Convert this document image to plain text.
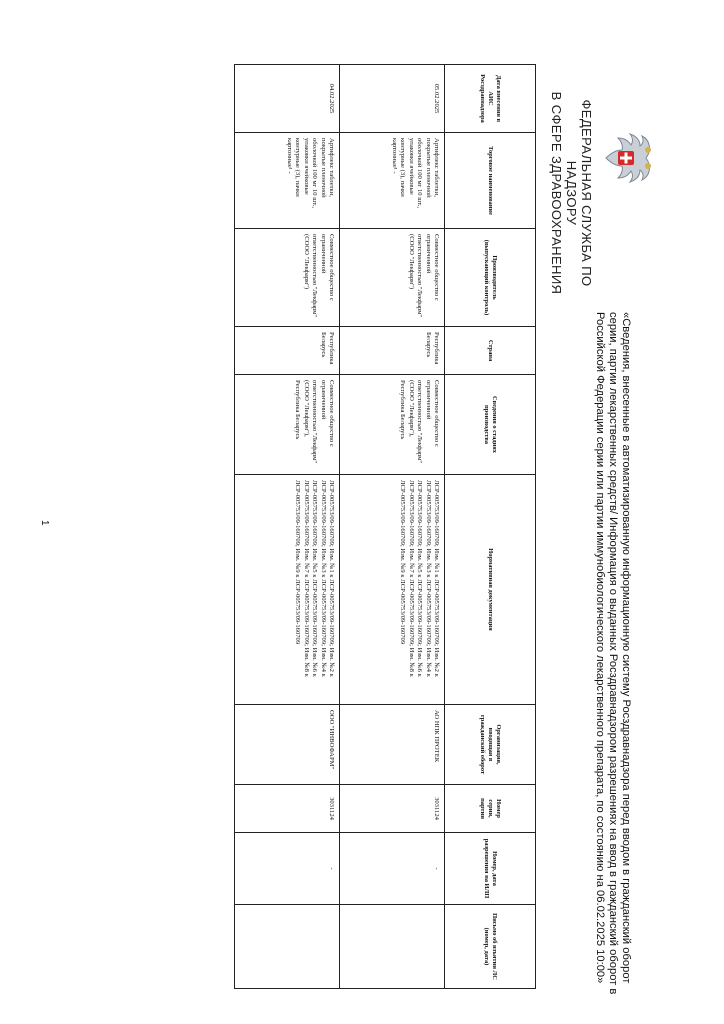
ФЕДЕРАЛЬНАЯ СЛУЖБА ПО НАДЗОРУ
В СФЕРЕ ЗДРАВООХРАНЕНИЯ
«Сведения, внесенные в автоматизированную информационную систему Росздравнадзора перед вводом в гражданский оборот серии, партии лекарственных средств/ Информация о выданных Росздравнадзором разрешениях на ввод в гражданский оборот в Российской Федерации серии или партии иммунобиологического лекарственного препарата, по состоянию на 06.02.2025 10:00»
Дата внесения в АИС Росздравнадзора	Торговое наименование	Производитель (выпускающий контроль)	Страна	Сведения о стадиях производства	Нормативная документация	Организация, вводящая в гражданский оборот	Номер серии, партии	Номер, дата разрешения на ИЛП	Письмо об изъятии ЛС (номер, дата)
05.02.2025	Артифлекс таблетки, покрытые пленочной оболочкой 100 мг 10 шт., упаковки ячейковые контурные (3), пачки картонные¹ -	Совместное общество с ограниченной ответственностью "Лекфарм" (СООО "Лекфарм")	Республика Беларусь	Совместное общество с ограниченной ответственностью "Лекфарм" (СООО "Лекфарм"), Республика Беларусь	ЛСР-005753/09-160709; Изм. №1 к ЛСР-005753/09-160709; Изм. №2 к ЛСР-005753/09-160709; Изм. №3 к ЛСР-005753/09-160709; Изм. №4 к ЛСР-005753/09-160709; Изм. №5 к ЛСР-005753/09-160709; Изм. №6 к ЛСР-005753/09-160709; Изм. №7 к ЛСР-005753/09-160709; Изм. №8 к ЛСР-005753/09-160709; Изм. №9 к ЛСР-005753/09-160709	АО НПК ПРОТЕК	3031124	-	
04.02.2025	Артифлекс таблетки, покрытые пленочной оболочкой 100 мг 10 шт., упаковки ячейковые контурные (3), пачки картонные¹ -	Совместное общество с ограниченной ответственностью "Лекфарм" (СООО "Лекфарм")	Республика Беларусь	Совместное общество с ограниченной ответственностью "Лекфарм" (СООО "Лекфарм"), Республика Беларусь	ЛСР-005753/09-160709; Изм. №1 к ЛСР-005753/09-160709; Изм. №2 к ЛСР-005753/09-160709; Изм. №3 к ЛСР-005753/09-160709; Изм. №4 к ЛСР-005753/09-160709; Изм. №5 к ЛСР-005753/09-160709; Изм. №6 к ЛСР-005753/09-160709; Изм. №7 к ЛСР-005753/09-160709; Изм. №8 к ЛСР-005753/09-160709; Изм. №9 к ЛСР-005753/09-160709	ООО "ИНВОФАРМ"	3031124	-	
1
